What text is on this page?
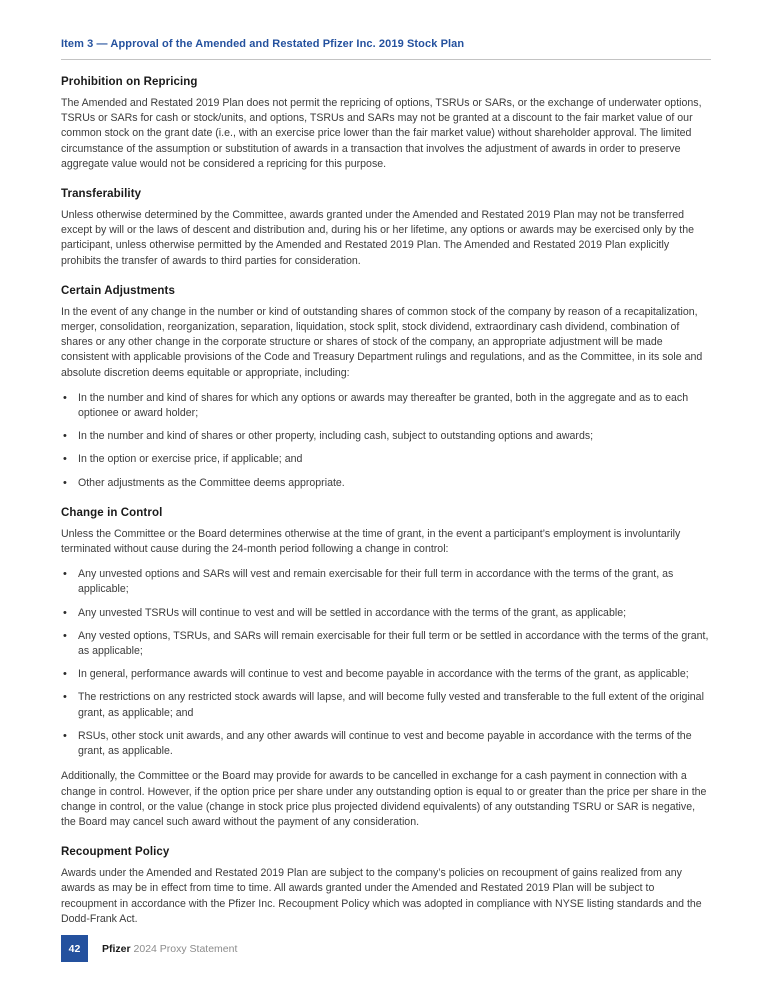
Item 3 — Approval of the Amended and Restated Pfizer Inc. 2019 Stock Plan
Prohibition on Repricing

The Amended and Restated 2019 Plan does not permit the repricing of options, TSRUs or SARs, or the exchange of underwater options, TSRUs or SARs for cash or stock/units, and options, TSRUs and SARs may not be granted at a discount to the fair market value of our common stock on the grant date (i.e., with an exercise price lower than the fair market value) without shareholder approval. The limited circumstance of the assumption or substitution of awards in a transaction that involves the adjustment of awards in order to preserve aggregate value would not be considered a repricing for this purpose.

Transferability

Unless otherwise determined by the Committee, awards granted under the Amended and Restated 2019 Plan may not be transferred except by will or the laws of descent and distribution and, during his or her lifetime, any options or awards may be exercised only by the participant, unless otherwise permitted by the Amended and Restated 2019 Plan. The Amended and Restated 2019 Plan explicitly prohibits the transfer of awards to third parties for consideration.

Certain Adjustments

In the event of any change in the number or kind of outstanding shares of common stock of the company by reason of a recapitalization, merger, consolidation, reorganization, separation, liquidation, stock split, stock dividend, extraordinary cash dividend, combination of shares or any other change in the corporate structure or shares of stock of the company, an appropriate adjustment will be made consistent with applicable provisions of the Code and Treasury Department rulings and regulations, and as the Committee, in its sole and absolute discretion deems equitable or appropriate, including:

• In the number and kind of shares for which any options or awards may thereafter be granted, both in the aggregate and as to each optionee or award holder;
• In the number and kind of shares or other property, including cash, subject to outstanding options and awards;
• In the option or exercise price, if applicable; and
• Other adjustments as the Committee deems appropriate.
Change in Control

Unless the Committee or the Board determines otherwise at the time of grant, in the event a participant’s employment is involuntarily terminated without cause during the 24-month period following a change in control:

• Any unvested options and SARs will vest and remain exercisable for their full term in accordance with the terms of the grant, as applicable;
• Any unvested TSRUs will continue to vest and will be settled in accordance with the terms of the grant, as applicable;
• Any vested options, TSRUs, and SARs will remain exercisable for their full term or be settled in accordance with the terms of the grant, as applicable;
• In general, performance awards will continue to vest and become payable in accordance with the terms of the grant, as applicable;
• The restrictions on any restricted stock awards will lapse, and will become fully vested and transferable to the full extent of the original grant, as applicable; and
• RSUs, other stock unit awards, and any other awards will continue to vest and become payable in accordance with the terms of the grant, as applicable.

Additionally, the Committee or the Board may provide for awards to be cancelled in exchange for a cash payment in connection with a change in control. However, if the option price per share under any outstanding option is equal to or greater than the price per share in the change in control, or the value (change in stock price plus projected dividend equivalents) of any outstanding TSRU or SAR is negative, the Board may cancel such award without the payment of any consideration.

Recoupment Policy

Awards under the Amended and Restated 2019 Plan are subject to the company’s policies on recoupment of gains realized from any awards as may be in effect from time to time. All awards granted under the Amended and Restated 2019 Plan will be subject to recoupment in accordance with the Pfizer Inc. Recoupment Policy which was adopted in compliance with NYSE listing standards and the Dodd-Frank Act.

42	Pfizer 2024 Proxy Statement
